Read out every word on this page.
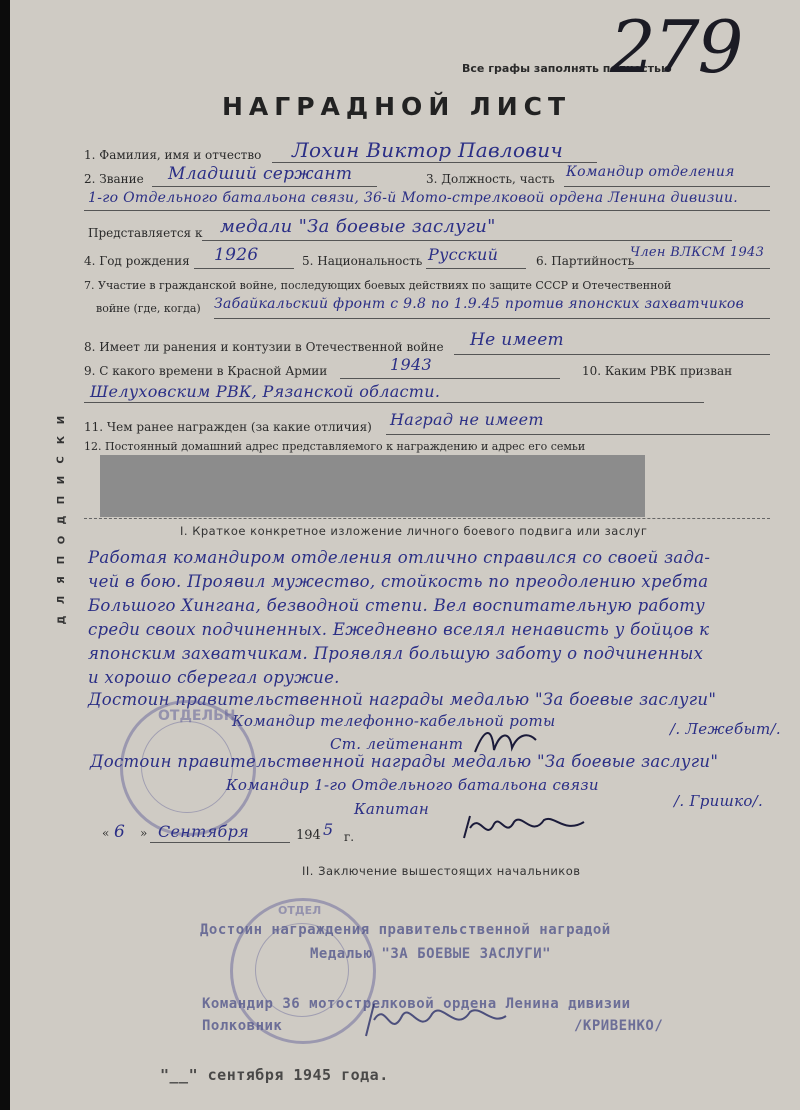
Все графы заполнять полностью
279
НАГРАДНОЙ ЛИСТ
1. Фамилия, имя и отчество Лохин Виктор Павлович
2. Звание Младший сержант	3. Должность, часть Командир отделения
1-го Отдельного батальона связи, 36-й Мото-стрелковой ордена Ленина дивизии.
Представляется к медали "За боевые заслуги"
4. Год рождения 1926	5. Национальность Русский	6. Партийность
Член ВЛКСМ 1943
7. Участие в гражданской войне, последующих боевых действиях по защите СССР и Отечественной
войне (где, когда) Забайкальский фронт с 9.8 по 1.9.45 против японских захватчиков
8. Имеет ли ранения и контузии в Отечественной войне Не имеет
9. С какого времени в Красной Армии	1943	10. Каким РВК призван
Шелуховским РВК, Рязанской области.
11. Чем ранее награжден (за какие отличия) Наград не имеет
12. Постоянный домашний адрес представляемого к награждению и адрес его семьи
И
К
С
И
П
Д
О
П
Я
Л
Д
I. Краткое конкретное изложение личного боевого подвига или заслуг
Работая командиром отделения отлично справился со своей зада-
чей в бою. Проявил мужество, стойкость по преодолению хребта
Большого Хингана, безводной степи. Вел воспитательную работу
среди своих подчиненных. Ежедневно вселял ненависть у бойцов к
японским захватчикам. Проявлял большую заботу о подчиненных
и хорошо сберегал оружие.
Достоин правительственной награды медалью "За боевые заслуги"
Командир телефонно-кабельной роты
ОТДЕЛЬН
Ст. лейтенант
/. Лежебыт/.
Достоин правительственной награды медалью "За боевые заслуги"
Командир 1-го Отдельного батальона связи
/. Гришко/.
Капитан
6
«	» Сентября	194 5 г.
II. Заключение вышестоящих начальников
ОТДЕЛ
Достоин награждения правительственной наградой
Медалью "ЗА БОЕВЫЕ ЗАСЛУГИ"
Командир 36 мотострелковой ордена Ленина дивизии
Полковник	/КРИВЕНКО/
"__" сентября 1945 года.
